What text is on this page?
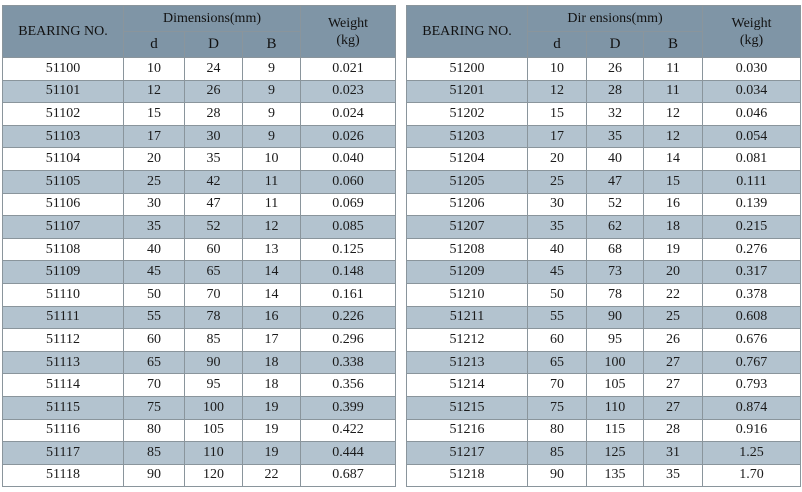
BEARING NO.	Dimensions(mm)			Weight
(kg)
	d	D	B	
51100	10	24	9	0.021
51101	12	26	9	0.023
51102	15	28	9	0.024
51103	17	30	9	0.026
51104	20	35	10	0.040
51105	25	42	11	0.060
51106	30	47	11	0.069
51107	35	52	12	0.085
51108	40	60	13	0.125
51109	45	65	14	0.148
51110	50	70	14	0.161
51111	55	78	16	0.226
51112	60	85	17	0.296
51113	65	90	18	0.338
51114	70	95	18	0.356
51115	75	100	19	0.399
51116	80	105	19	0.422
51117	85	110	19	0.444
51118	90	120	22	0.687
BEARING NO.	Dir ensions(mm)			Weight
(kg)
	d	D	B	
51200	10	26	11	0.030
51201	12	28	11	0.034
51202	15	32	12	0.046
51203	17	35	12	0.054
51204	20	40	14	0.081
51205	25	47	15	0.111
51206	30	52	16	0.139
51207	35	62	18	0.215
51208	40	68	19	0.276
51209	45	73	20	0.317
51210	50	78	22	0.378
51211	55	90	25	0.608
51212	60	95	26	0.676
51213	65	100	27	0.767
51214	70	105	27	0.793
51215	75	110	27	0.874
51216	80	115	28	0.916
51217	85	125	31	1.25
51218	90	135	35	1.70
